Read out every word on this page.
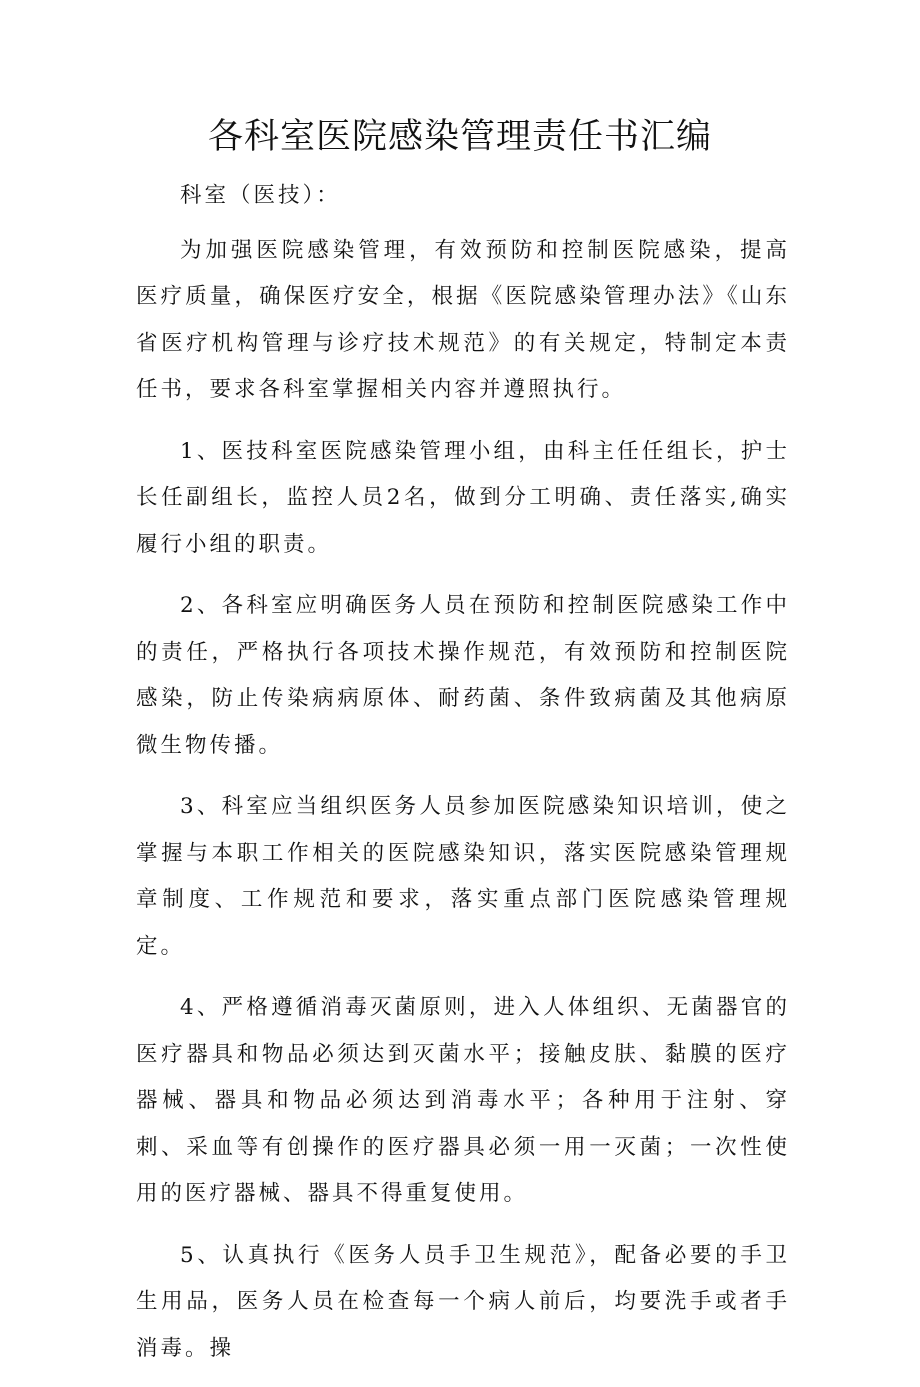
各科室医院感染管理责任书汇编

科室（医技）：

为加强医院感染管理，有效预防和控制医院感染，提高医疗质量，确保医疗安全，根据《医院感染管理办法》《山东省医疗机构管理与诊疗技术规范》的有关规定，特制定本责任书，要求各科室掌握相关内容并遵照执行。

1、医技科室医院感染管理小组，由科主任任组长，护士长任副组长，监控人员2名，做到分工明确、责任落实,确实履行小组的职责。

2、各科室应明确医务人员在预防和控制医院感染工作中的责任，严格执行各项技术操作规范，有效预防和控制医院感染，防止传染病病原体、耐药菌、条件致病菌及其他病原微生物传播。

3、科室应当组织医务人员参加医院感染知识培训，使之掌握与本职工作相关的医院感染知识，落实医院感染管理规章制度、工作规范和要求，落实重点部门医院感染管理规定。

4、严格遵循消毒灭菌原则，进入人体组织、无菌器官的医疗器具和物品必须达到灭菌水平；接触皮肤、黏膜的医疗器械、器具和物品必须达到消毒水平；各种用于注射、穿刺、采血等有创操作的医疗器具必须一用一灭菌；一次性使用的医疗器械、器具不得重复使用。

5、认真执行《医务人员手卫生规范》，配备必要的手卫生用品，医务人员在检查每一个病人前后，均要洗手或者手消毒。操
